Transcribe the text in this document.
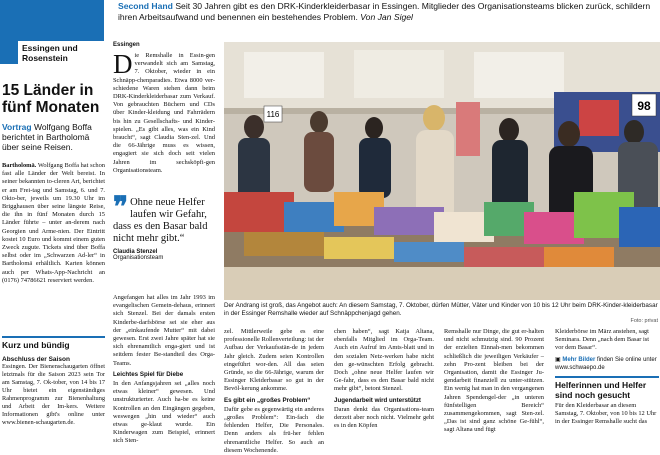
Essingen und Rosenstein
15 Länder in fünf Monaten
Vortrag Wolfgang Boffa berichtet in Bartholomä über seine Reisen.
Bartholomä. Wolfgang Boffa hat schon fast alle Länder der Welt bereist. In seiner bekannten to-cleren Art, berichtet er am Frei-tag und Samstag, 6. und 7. Okto-ber, jeweils um 19.30 Uhr im Brigghausen über seine längste Reise, die ihn in fünf Monaten durch 15 Länder führte – unter an-derem nach Georgien und Arme-nien. Der Eintritt kostet 10 Euro und kommt einem guten Zweck zugute. Tickets sind über Boffa selbst oder im „Schwarzen Ad-ler“ in Bartholomä erhältlich. Karten können auch per Whats-App-Nachricht an (0176) 74786621 reserviert werden.
Kurz und bündig
Abschluss der Saison
Essingen. Der Bienenschaugarten öffnet letztmals für die Saison 2023 sein Tor am Samstag, 7. Ok-tober, von 14 bis 17 Uhr bietet ein eigenständiges Rahmenprogramm zur Bienenhaltung und Arbeit der Im-kers. Weitere Informationen gibt's online unter www.bienen-schaugarten.de.
Second Hand Seit 30 Jahren gibt es den DRK-Kinderkleiderbasar in Essingen. Mitglieder des Organisationsteams blicken zurück, schildern ihren Arbeitsaufwand und benennen ein bestehendes Problem. Von Jan Sigel
Essingen
Die Remshalle in Essin-gen verwandelt sich am Samstag, 7. Oktober, wieder in ein Schnäpp-chenparadies. Etwa 8000 ver-schiedene Waren stehen dann beim DRK-Kinderkleiderbasar zum Verkauf. Von gebrauchten Büchern und CDs über Kinder-kleidung und Fahrrädern bis hin zu Gesellschafts- und Kinder-spielen. „Es gibt alles, was ein Kind braucht“, sagt Claudia Sten-zel. Und die 66-Jährige muss es wissen, engagiert sie sich doch seit vielen Jahren im sechsköpfi-gen Organisationsteam.
❞ Ohne neue Helfer laufen wir Gefahr, dass es den Basar bald nicht mehr gibt.“
Claudia Stenzel
Organisationsteam
Angefangen hat alles im Jahr 1993 im evangelischen Gemein-dehaus, erinnert sich Stenzel. Bei der damals ersten Kinderbe-darfsbörse sei sie eher aus der „einkaufende Mutter“ mit dabei gewesen. Erst zwei Jahre später hat sie sich ehrenamtlich enga-giert und ist seitdem fester Be-standteil des Orga-Teams.
Leichtes Spiel für Diebe
In den Anfangsjahren sei „alles noch etwas kleiner“ gewesen. Und unstrukturierter. Auch ha-be es keine Kontrollen an den Eingängen gegeben, weswegen „hin und wieder“ auch etwas ge-klaut wurde. Ein Kinderwagen zum Beispiel, erinnert sich Sten-
116
98
Der Andrang ist groß, das Angebot auch: An diesem Samstag, 7. Oktober, dürfen Mütter, Väter und Kinder von 10 bis 12 Uhr beim DRK-Kinder-kleiderbasar in der Essinger Remshalle wieder auf Schnäppchenjagd gehen.
Foto: privat
zel. Mittlerweile gebe es eine professionelle Rollenverteilung: ist der Aufbau der Verkaufsstän-de in jedem Jahr gleich. Zudem seien Kontrollen eingeführt wor-den. All das seien Gründe, so die 66-Jährige, warum der Essinger Kleiderbasar so gut in der Bevöl-kerung ankomme.
Es gibt ein „großes Problem“
Dafür gebe es gegenwärtig ein anderes „großes Problem“: Ein-fach die fehlenden Helfer, Die Personales. Denn anders als frü-her fehlen ehrenamtliche Helfer. So auch an diesem Wochenende.
chen haben“, sagt Katja Altana, ebenfalls Mitglied im Orga-Team. Auch ein Aufruf im Amts-blatt und in den sozialen Netz-werken habe nicht den ge-wünschten Erfolg gebracht. Doch „ohne neue Helfer laufen wir Ge-fahr, dass es den Basar bald nicht mehr gibt“, betont Stenzel.
Jugendarbeit wird unterstützt
Daran denkt das Organisations-team derzeit aber noch nicht. Vielmehr geht es in den Köpfen
Remshalle nur Dinge, die gut er-halten und nicht schmutzig sind. 90 Prozent der erzielten Einnah-men bekommen schließlich die jeweiligen Verkäufer – zehn Pro-zent bleiben bei der Organisation, damit die Essinger Ju-gendarbeit finanziell zu unter-stützen. Ein wenig hat man in den vergangenen Jahren Spendengel-der „in unteren fünfstelligen Bereich“ zusammengekommen, sagt Sten-zel. „Das ist sind ganz schöne Ge-fühl“, sagt Altana und fügt
Kleiderbörse im März anstehen, sagt Seminara. Denn „nach dem Basar ist vor dem Basar“.
▣ Mehr Bilder finden Sie online unter www.schwaepo.de
Helferinnen und Helfer sind noch gesucht
Für den Kleiderbasar an diesem Samstag, 7. Oktober, von 10 bis 12 Uhr in der Essinger Remshalle sucht das
